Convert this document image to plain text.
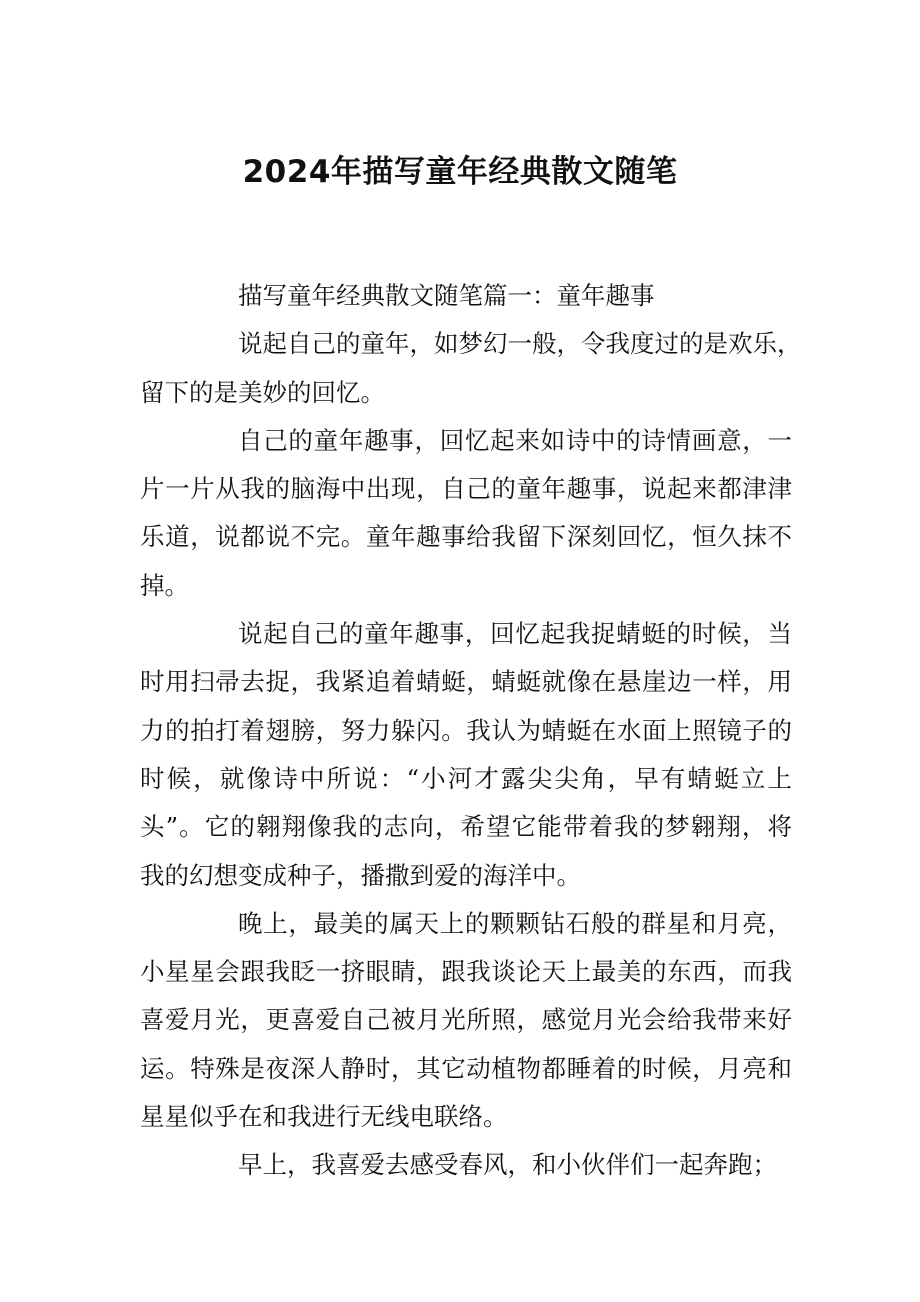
2024年描写童年经典散文随笔
描写童年经典散文随笔篇一：童年趣事
说起自己的童年，如梦幻一般，令我度过的是欢乐，
留下的是美妙的回忆。
自己的童年趣事，回忆起来如诗中的诗情画意，一
片一片从我的脑海中出现，自己的童年趣事，说起来都津津
乐道，说都说不完。童年趣事给我留下深刻回忆，恒久抹不
掉。
说起自己的童年趣事，回忆起我捉蜻蜓的时候，当
时用扫帚去捉，我紧追着蜻蜓，蜻蜓就像在悬崖边一样，用
力的拍打着翅膀，努力躲闪。我认为蜻蜓在水面上照镜子的
时候，就像诗中所说：“小河才露尖尖角，早有蜻蜓立上
头”。它的翱翔像我的志向，希望它能带着我的梦翱翔，将
我的幻想变成种子，播撒到爱的海洋中。
晚上，最美的属天上的颗颗钻石般的群星和月亮，
小星星会跟我眨一挤眼睛，跟我谈论天上最美的东西，而我
喜爱月光，更喜爱自己被月光所照，感觉月光会给我带来好
运。特殊是夜深人静时，其它动植物都睡着的时候，月亮和
星星似乎在和我进行无线电联络。
早上，我喜爱去感受春风，和小伙伴们一起奔跑；
